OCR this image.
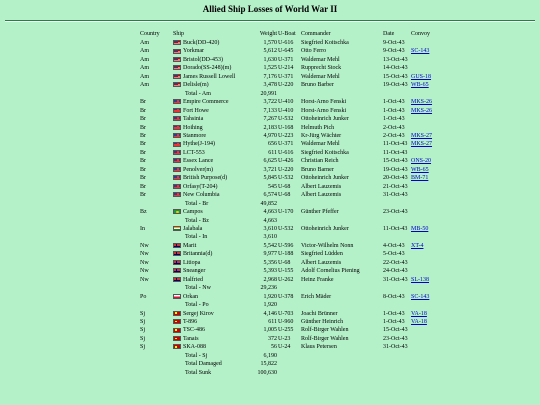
Allied Ship Losses of World War II
Country	Ship	Weight	U-Boat	Commander	Date	Convoy
Am	Buck(DD-420)	1,570	U-616	Siegfried Koitschka	9-Oct-43	
Am	Yorkmar	5,612	U-645	Otto Ferro	9-Oct-43	SC-143
Am	Bristol(DD-453)	1,630	U-371	Waldemar Mehl	13-Oct-43	
Am	Dorado(SS-248)(m)	1,525	U-214	Rupprecht Stock	14-Oct-43	
Am	James Russell Lowell	7,176	U-371	Waldemar Mehl	15-Oct-43	GUS-18
Am	Delisle(m)	3,478	U-220	Bruno Barber	19-Oct-43	WB-65
	Total - Am	20,991				
Br	Empire Commerce	3,722	U-410	Horst-Arno Fenski	1-Oct-43	MKS-26
Br	Fort Howe	7,133	U-410	Horst-Arno Fenski	1-Oct-43	MKS-26
Br	Tahsinia	7,267	U-532	Ottoheinrich Junker	1-Oct-43	
Br	Hoihing	2,183	U-168	Helmuth Pich	2-Oct-43	
Br	Stanmore	4,970	U-223	Kr-Jürg Wächter	2-Oct-43	MKS-27
Br	Hythe(J-194)	656	U-371	Waldemar Mehl	11-Oct-43	MKS-27
Br	LCT-553	611	U-616	Siegfried Koitschka	11-Oct-43	
Br	Essex Lance	6,625	U-426	Christian Reich	15-Oct-43	ONS-20
Br	Penolver(m)	3,721	U-220	Bruno Barner	19-Oct-43	WB-65
Br	British Purpose(d)	5,845	U-532	Ottoheinrich Junker	20-Oct-43	BM-71
Br	Orfasy(T-204)	545	U-68	Albert Lauzemis	21-Oct-43	
Br	New Columbia	6,574	U-68	Albert Lauzemis	31-Oct-43	
	Total - Br	49,852				
Bz	Campos	4,663	U-170	Günther Pfeffer	23-Oct-43	
	Total - Bz	4,663				
In	Jalabala	3,610	U-532	Ottoheinrich Junker	11-Oct-43	MB-50
	Total - In	3,610				
Nw	Marit	5,542	U-596	Victor-Wilhelm Nonn	4-Oct-43	XT-4
Nw	Britannia(d)	9,977	U-188	Siegfried Lüdden	5-Oct-43	
Nw	Litiopa	5,356	U-68	Albert Lauzemis	22-Oct-43	
Nw	Sneanger	5,393	U-155	Adolf Cornelius Piening	24-Oct-43	
Nw	Halfried	2,968	U-262	Heinz Franke	31-Oct-43	SL-138
	Total - Nw	29,236				
Po	Orkan	1,920	U-378	Erich Mäder	8-Oct-43	SC-143
	Total - Po	1,920				
Sj	Sergej Kirov	4,146	U-703	Joachi Brünner	1-Oct-43	VA-18
Sj	T-896	611	U-960	Günther Heinrich	1-Oct-43	VA-18
Sj	TSC-486	1,005	U-255	Rolf-Birger Wahlen	15-Oct-43	
Sj	Tanais	372	U-23	Rolf-Birger Wahlen	23-Oct-43	
Sj	SKA-088	56	U-24	Klaus Petersen	31-Oct-43	
	Total - Sj	6,190				
	Total Damaged	15,822				
	Total Sunk	100,630				
